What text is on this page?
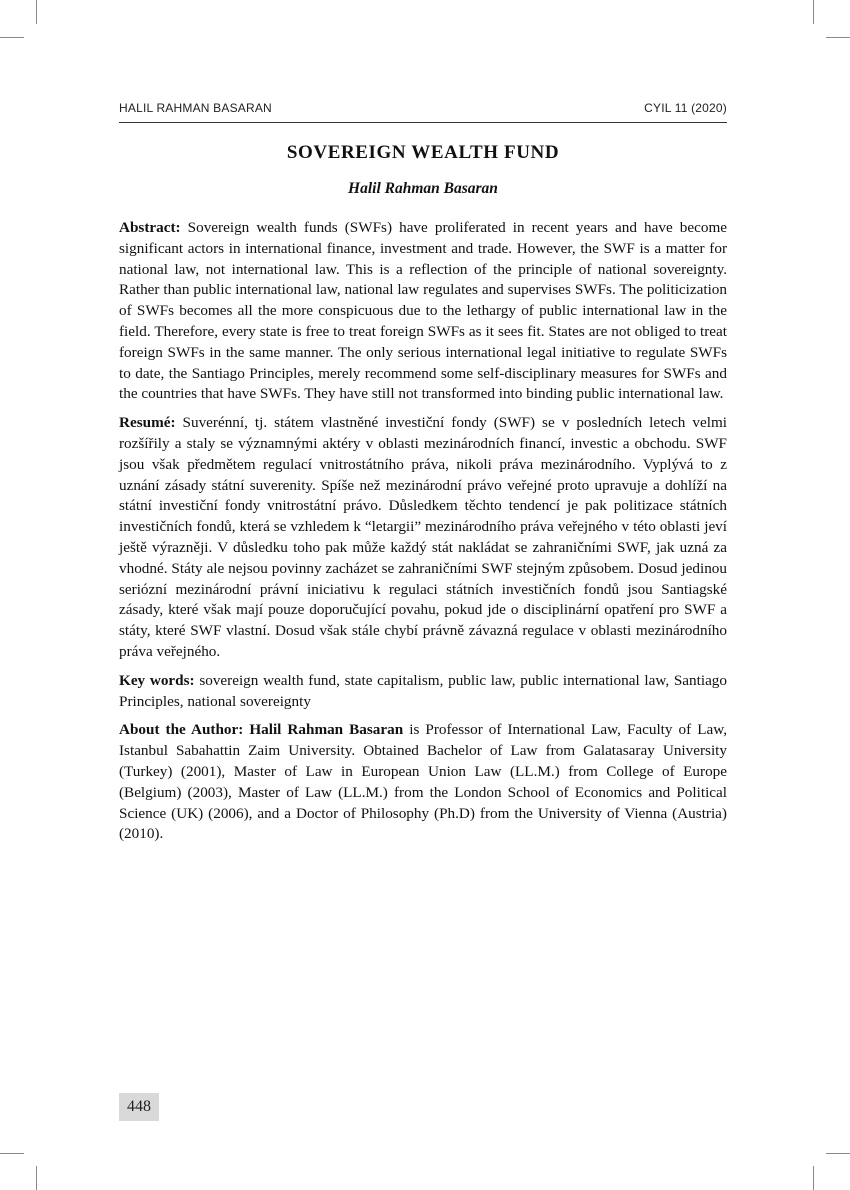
HALIL RAHMAN BASARAN	CYIL 11 (2020)
SOVEREIGN WEALTH FUND
Halil Rahman Basaran

Abstract: Sovereign wealth funds (SWFs) have proliferated in recent years and have become significant actors in international finance, investment and trade. However, the SWF is a matter for national law, not international law. This is a reflection of the principle of national sovereignty. Rather than public international law, national law regulates and supervises SWFs. The politicization of SWFs becomes all the more conspicuous due to the lethargy of public international law in the field. Therefore, every state is free to treat foreign SWFs as it sees fit. States are not obliged to treat foreign SWFs in the same manner. The only serious international legal initiative to regulate SWFs to date, the Santiago Principles, merely recommend some self-disciplinary measures for SWFs and the countries that have SWFs. They have still not transformed into binding public international law.

Resumé: Suverénní, tj. státem vlastněné investiční fondy (SWF) se v posledních letech velmi rozšířily a staly se významnými aktéry v oblasti mezinárodních financí, investic a obchodu. SWF jsou však předmětem regulací vnitrostátního práva, nikoli práva mezinárodního. Vyplývá to z uznání zásady státní suverenity. Spíše než mezinárodní právo veřejné proto upravuje a dohlíží na státní investiční fondy vnitrostátní právo. Důsledkem těchto tendencí je pak politizace státních investičních fondů, která se vzhledem k “letargii” mezinárodního práva veřejného v této oblasti jeví ještě výrazněji. V důsledku toho pak může každý stát nakládat se zahraničními SWF, jak uzná za vhodné. Státy ale nejsou povinny zacházet se zahraničními SWF stejným způsobem. Dosud jedinou seriózní mezinárodní právní iniciativu k regulaci státních investičních fondů jsou Santiagské zásady, které však mají pouze doporučující povahu, pokud jde o disciplinární opatření pro SWF a státy, které SWF vlastní. Dosud však stále chybí právně závazná regulace v oblasti mezinárodního práva veřejného.

Key words: sovereign wealth fund, state capitalism, public law, public international law, Santiago Principles, national sovereignty

About the Author: Halil Rahman Basaran is Professor of International Law, Faculty of Law, Istanbul Sabahattin Zaim University. Obtained Bachelor of Law from Galatasaray University (Turkey) (2001), Master of Law in European Union Law (LL.M.) from College of Europe (Belgium) (2003), Master of Law (LL.M.) from the London School of Economics and Political Science (UK) (2006), and a Doctor of Philosophy (Ph.D) from the University of Vienna (Austria) (2010).

448
